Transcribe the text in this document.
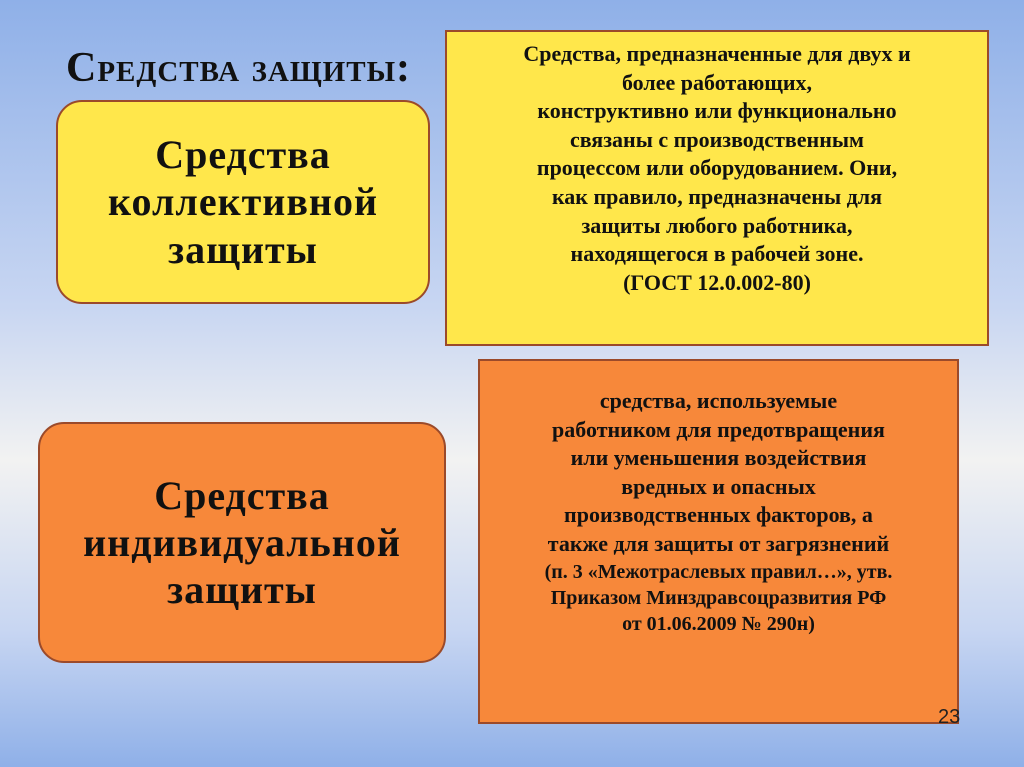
Средства защиты:
Средства
коллективной
защиты
Средства, предназначенные для двух и
более работающих,
конструктивно или функционально
связаны с производственным
процессом или оборудованием. Они,
как правило, предназначены для
защиты любого работника,
находящегося в рабочей зоне.
(ГОСТ 12.0.002-80)
Средства
индивидуальной
защиты
средства, используемые
работником для предотвращения
или уменьшения воздействия
вредных и опасных
производственных факторов, а
также для защиты от загрязнений
(п. 3 «Межотраслевых правил…», утв.
Приказом Минздравсоцразвития РФ
от 01.06.2009 № 290н)
23
